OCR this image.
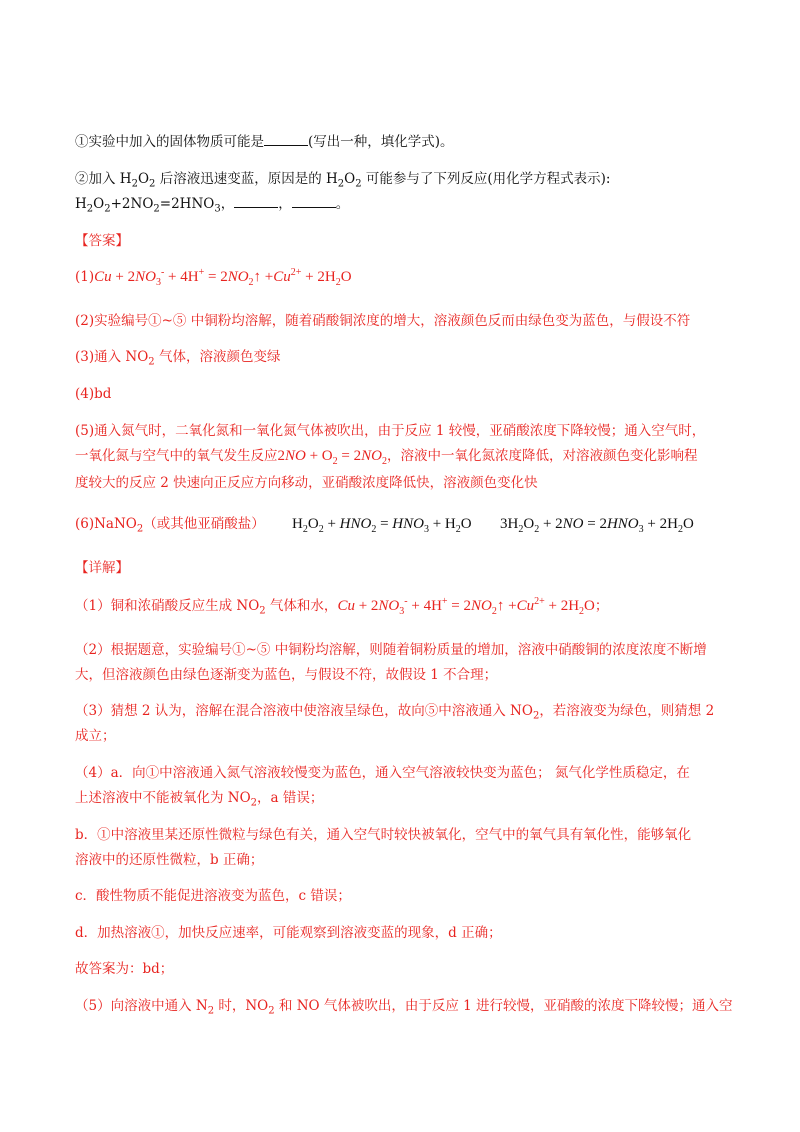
①实验中加入的固体物质可能是	(写出一种，填化学式)。
②加入 $H_2O_2$ 后溶液迅速变蓝，原因是的 $H_2O_2$ 可能参与了下列反应(用化学方程式表示):
$H_2O_2+2NO_2=2HNO_3$，	，	。
【答案】
$(1)Cu + 2NO_3^- + 4H^+$ = $2NO_2↑ +Cu^{2+} + 2H_2O$
(2)实验编号①~⑤ 中铜粉均溶解，随着硝酸铜浓度的增大，溶液颜色反而由绿色变为蓝色，与假设不符
(3)通入 $NO_2$ 气体，溶液颜色变绿
(4)bd
(5)通入氮气时，二氧化氮和一氧化氮气体被吹出，由于反应 1 较慢，亚硝酸浓度下降较慢；通入空气时，
一氧化氮与空气中的氧气发生反应$2NO + O_2 = 2NO_2$，溶液中一氧化氮浓度降低，对溶液颜色变化影响程
度较大的反应 2 快速向正反应方向移动，亚硝酸浓度降低快，溶液颜色变化快
(6)NaNO$_2$（或其他亚硝酸盐）	$H_2O_2 + HNO_2 = HNO_3 + H_2O$ $3H_2O_2 + 2NO = 2HNO_3 + 2H_2O$
【详解】
（1）铜和浓硝酸反应生成 $NO_2$ 气体和水，$Cu + 2NO_3^- + 4H^+$ = $2NO_2↑ +Cu^{2+} + 2H_2O$；
（2）根据题意，实验编号①~⑤ 中铜粉均溶解，则随着铜粉质量的增加，溶液中硝酸铜的浓度浓度不断增
大，但溶液颜色由绿色逐渐变为蓝色，与假设不符，故假设 1 不合理；
（3）猜想 2 认为，溶解在混合溶液中使溶液呈绿色，故向⑤中溶液通入 $NO_2$，若溶液变为绿色，则猜想 2
成立；
（4）a．向①中溶液通入氮气溶液较慢变为蓝色，通入空气溶液较快变为蓝色； 氮气化学性质稳定，在
上述溶液中不能被氧化为 $NO_2$，a 错误；
b．①中溶液里某还原性微粒与绿色有关，通入空气时较快被氧化，空气中的氧气具有氧化性，能够氧化
溶液中的还原性微粒，b 正确；
c．酸性物质不能促进溶液变为蓝色，c 错误；
d．加热溶液①，加快反应速率，可能观察到溶液变蓝的现象，d 正确；
故答案为：bd；
（5）向溶液中通入 $N_2$ 时，$NO_2$ 和 NO 气体被吹出，由于反应 1 进行较慢，亚硝酸的浓度下降较慢；通入空
